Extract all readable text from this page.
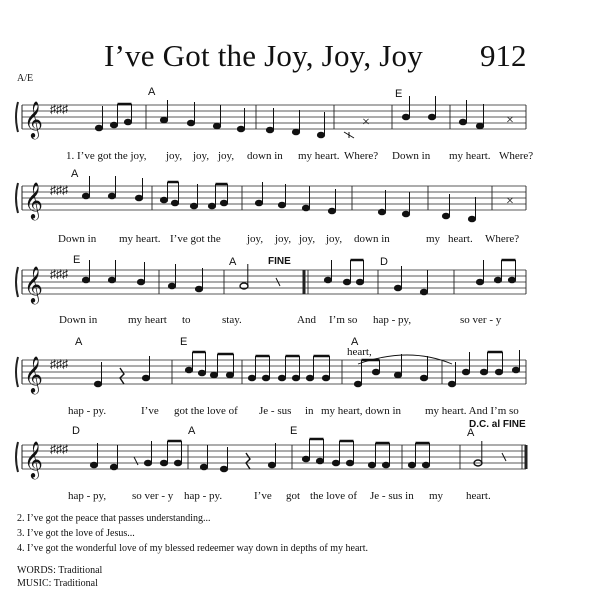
I’ve Got the Joy, Joy, Joy 912
A/E
𝄞 ♯♯♯
×	×
A	E
1. I’ve got the joy, joy, joy, joy, down in my heart. Where? Down in my heart. Where?
𝄞 ♯♯♯
×
A
Down in my heart. I’ve got the joy, joy, joy, joy, down in	my heart. Where?
𝄞 ♯♯♯
E	A	FINE	D
Down in	my heart to	stay.	And I’m so hap - py,	so ver - y
𝄞 ♯♯♯
A	E	A
heart,
hap - py.	I’ve got the love of Je - sus in my heart, down in my heart. And I’m so
𝄞 ♯♯♯
D	A	E	A
D.C. al FINE
hap - py, so ver - y hap - py.	I’ve got the love of Je - sus in my heart.
2. I’ve got the peace that passes understanding...
3. I’ve got the love of Jesus...
4. I’ve got the wonderful love of my blessed redeemer way down in depths of my heart.
WORDS: Traditional
MUSIC: Traditional
